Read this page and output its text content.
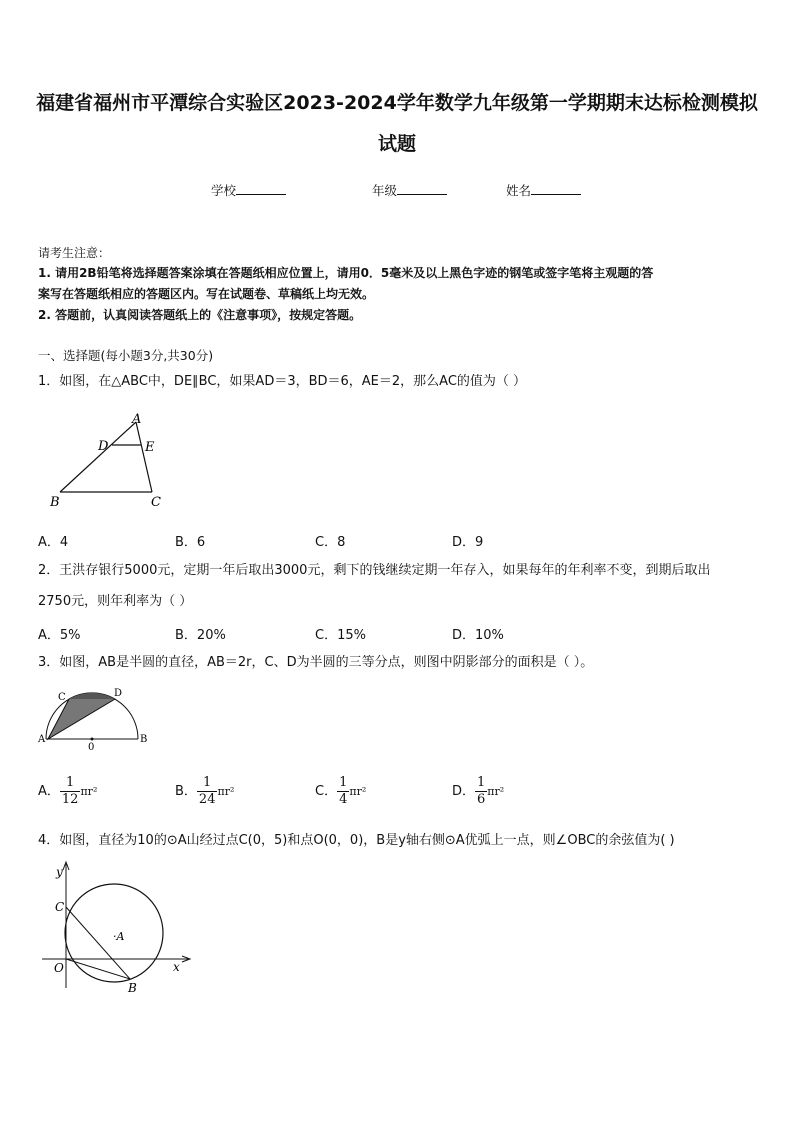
福建省福州市平潭综合实验区2023-2024学年数学九年级第一学期期末达标检测模拟
试题
学校	年级	姓名
请考生注意：
1. 请用2B铅笔将选择题答案涂填在答题纸相应位置上，请用0．5毫米及以上黑色字迹的钢笔或签字笔将主观题的答
案写在答题纸相应的答题区内。写在试题卷、草稿纸上均无效。
2. 答题前，认真阅读答题纸上的《注意事项》，按规定答题。
一、选择题(每小题3分,共30分)
1．如图，在△ABC中，DE∥BC，如果AD＝3，BD＝6，AE＝2，那么AC的值为（ ）
A
D	E
B	C
A．4	B．6	C．8	D．9
2．王洪存银行5000元，定期一年后取出3000元，剩下的钱继续定期一年存入，如果每年的年利率不变，到期后取出
2750元，则年利率为（ ）
A．5%	B．20%	C．15%	D．10%
3．如图，AB是半圆的直径，AB＝2r，C、D为半圆的三等分点，则图中阴影部分的面积是（ ）。
C	D
A	B
0
A． $\frac{1}{12} \pi r^2$	B． $\frac{1}{24} \pi r^2$	C． $\frac{1}{4} \pi r^2$	D． $\frac{1}{6} \pi r^2$
4．如图，直径为10的⊙A山经过点C(0，5)和点O(0，0)，B是y轴右侧⊙A优弧上一点，则∠OBC的余弦值为( )
y
x
C
·A
O
B
